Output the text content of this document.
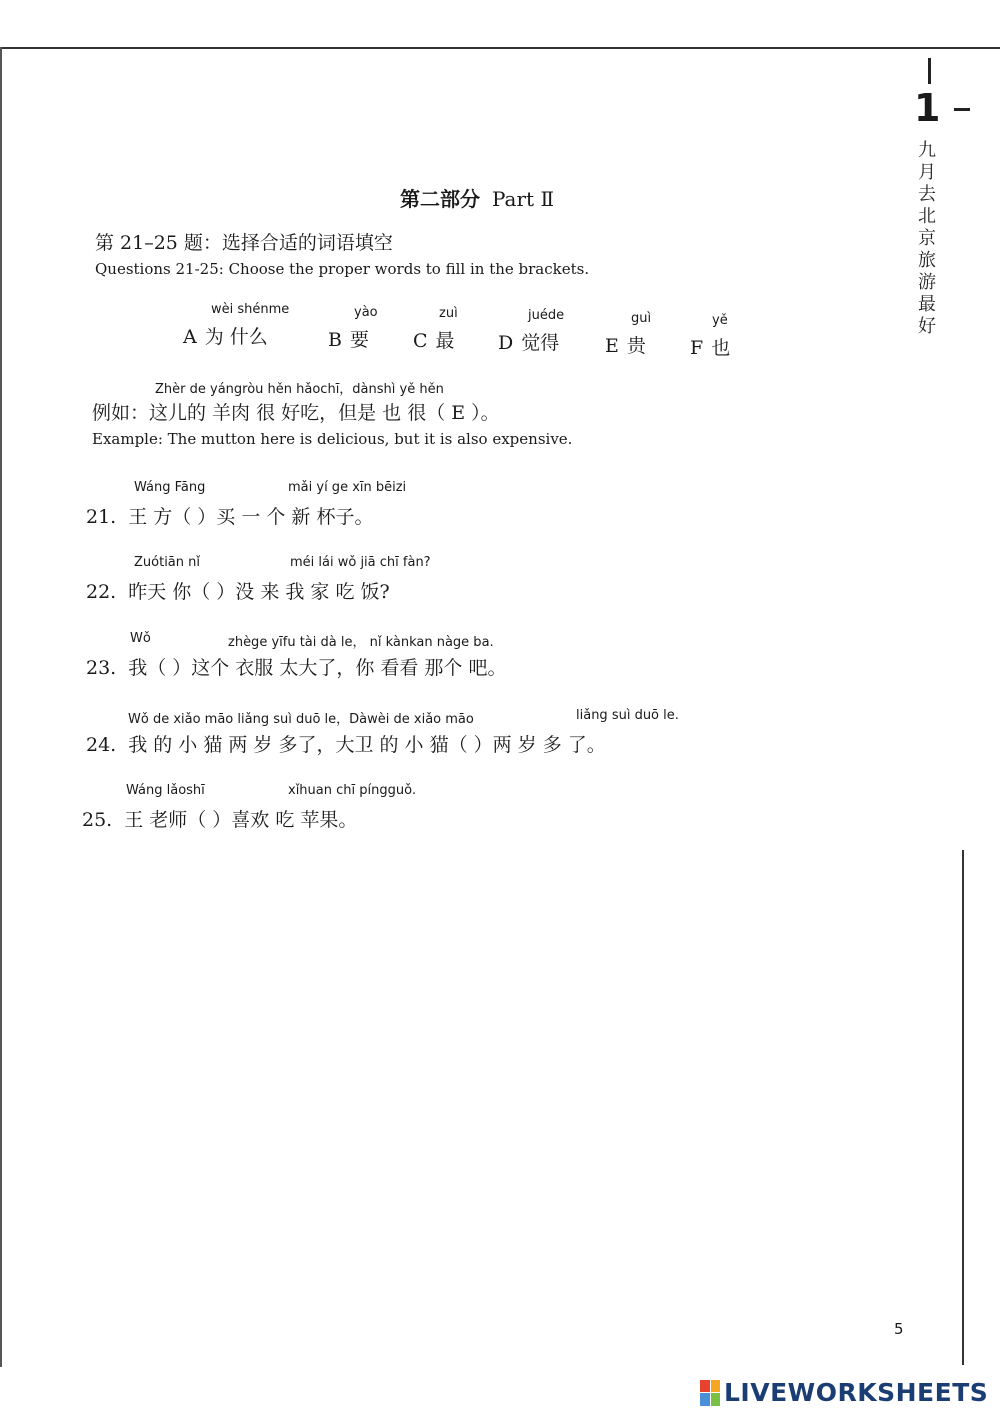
1
九月去北京旅游最好
第二部分 Part Ⅱ
第 21–25 题：选择合适的词语填空
Questions 21-25: Choose the proper words to fill in the brackets.
wèi shénme
A 为 什么
yào
B 要
zuì
C 最
juéde
D 觉得
guì
E 贵
yě
F 也
Zhèr de yángròu hěn hǎochī，dànshì yě hěn
例如：这儿的 羊肉 很 好吃，但是 也 很（ E ）。
Example: The mutton here is delicious, but it is also expensive.
Wáng Fāng	mǎi yí ge xīn bēizi
21. 王 方（ ）买 一 个 新 杯子。
Zuótiān nǐ	méi lái wǒ jiā chī fàn?
22. 昨天 你（ ）没 来 我 家 吃 饭?
Wǒ	zhège yīfu tài dà le， nǐ kànkan nàge ba.
23. 我（ ）这个 衣服 太大了，你 看看 那个 吧。
Wǒ de xiǎo māo liǎng suì duō le，Dàwèi de xiǎo māo	liǎng suì duō le.
24. 我 的 小 猫 两 岁 多了，大卫 的 小 猫（ ）两 岁 多 了。
Wáng lǎoshī	xǐhuan chī píngguǒ.
25. 王 老师（ ）喜欢 吃 苹果。
5
LIVEWORKSHEETS
